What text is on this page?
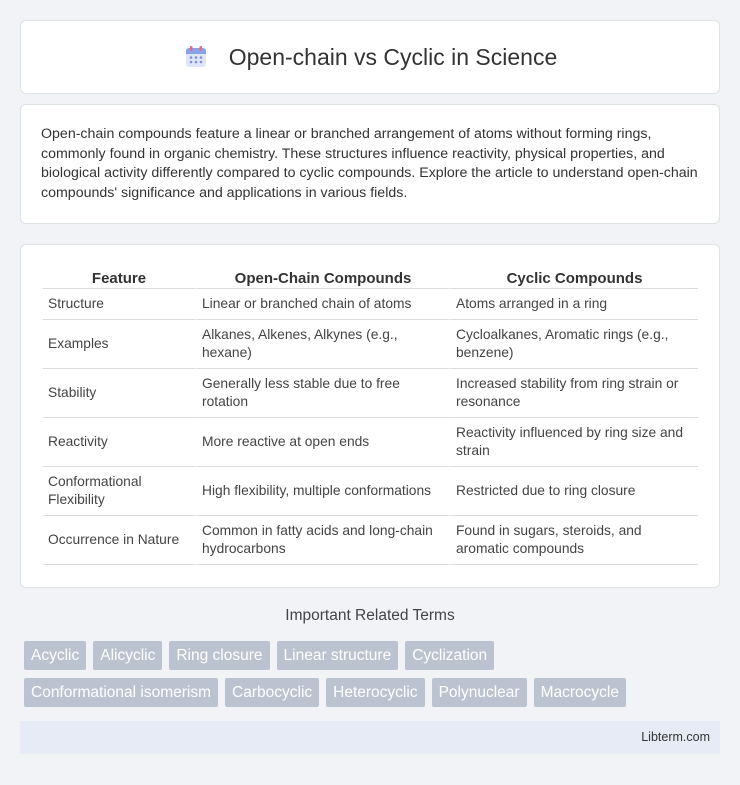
Open-chain vs Cyclic in Science

Open-chain compounds feature a linear or branched arrangement of atoms without forming rings, commonly found in organic chemistry. These structures influence reactivity, physical properties, and biological activity differently compared to cyclic compounds. Explore the article to understand open-chain compounds' significance and applications in various fields.

Feature	Open-Chain Compounds	Cyclic Compounds
Structure	Linear or branched chain of atoms	Atoms arranged in a ring
Examples	Alkanes, Alkenes, Alkynes (e.g., hexane)	Cycloalkanes, Aromatic rings (e.g., benzene)
Stability	Generally less stable due to free rotation	Increased stability from ring strain or resonance
Reactivity	More reactive at open ends	Reactivity influenced by ring size and strain
Conformational Flexibility	High flexibility, multiple conformations	Restricted due to ring closure
Occurrence in Nature	Common in fatty acids and long-chain hydrocarbons	Found in sugars, steroids, and aromatic compounds
Important Related Terms
Acyclic	Alicyclic	Ring closure	Linear structure	Cyclization
Conformational isomerism	Carbocyclic	Heterocyclic	Polynuclear	Macrocycle
Libterm.com
